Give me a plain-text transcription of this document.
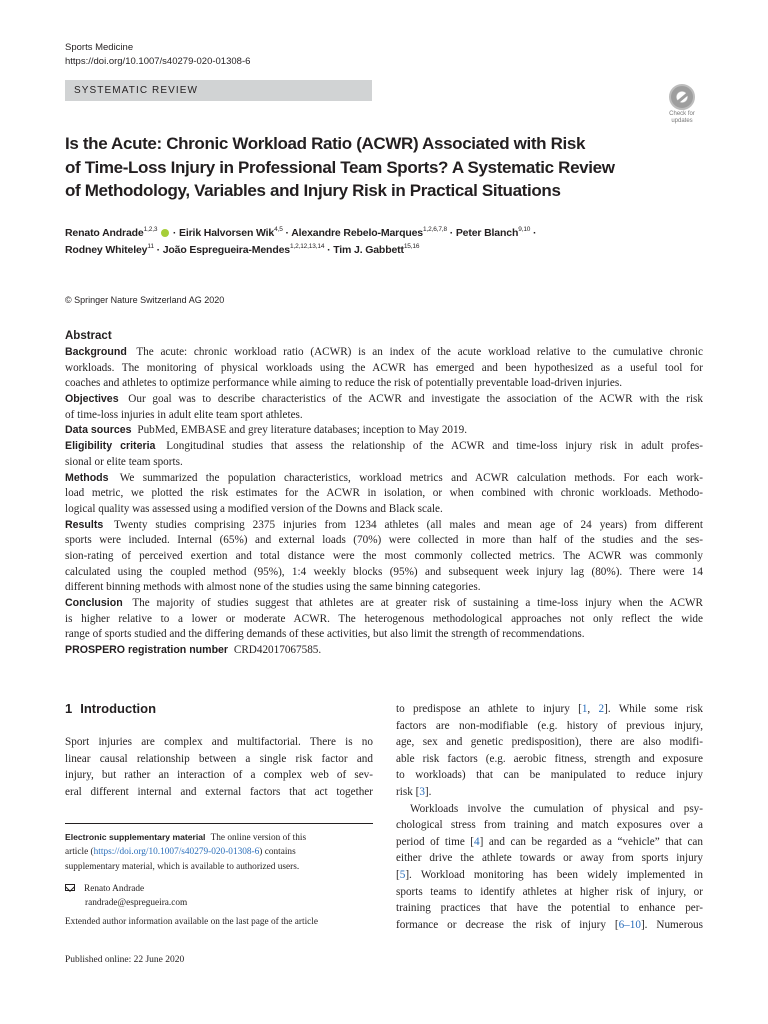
Sports Medicine
https://doi.org/10.1007/s40279-020-01308-6
SYSTEMATIC REVIEW
Check for
updates
Is the Acute: Chronic Workload Ratio (ACWR) Associated with Risk
of Time-Loss Injury in Professional Team Sports? A Systematic Review
of Methodology, Variables and Injury Risk in Practical Situations
Renato Andrade$^{1,2,3}$  · Eirik Halvorsen Wik$^{4,5}$ · Alexandre Rebelo-Marques$^{1,2,6,7,8}$ · Peter Blanch$^{9,10}$ ·
Rodney Whiteley$^{11}$ · João Espregueira-Mendes$^{1,2,12,13,14}$ · Tim J. Gabbett$^{15,16}$
© Springer Nature Switzerland AG 2020
Abstract
Background The acute: chronic workload ratio (ACWR) is an index of the acute workload relative to the cumulative chronic
workloads. The monitoring of physical workloads using the ACWR has emerged and been hypothesized as a useful tool for
coaches and athletes to optimize performance while aiming to reduce the risk of potentially preventable load-driven injuries.
Objectives Our goal was to describe characteristics of the ACWR and investigate the association of the ACWR with the risk
of time-loss injuries in adult elite team sport athletes.
Data sources PubMed, EMBASE and grey literature databases; inception to May 2019.
Eligibility criteria Longitudinal studies that assess the relationship of the ACWR and time-loss injury risk in adult profes-
sional or elite team sports.
Methods We summarized the population characteristics, workload metrics and ACWR calculation methods. For each work-
load metric, we plotted the risk estimates for the ACWR in isolation, or when combined with chronic workloads. Methodo-
logical quality was assessed using a modified version of the Downs and Black scale.
Results Twenty studies comprising 2375 injuries from 1234 athletes (all males and mean age of 24 years) from different
sports were included. Internal (65%) and external loads (70%) were collected in more than half of the studies and the ses-
sion-rating of perceived exertion and total distance were the most commonly collected metrics. The ACWR was commonly
calculated using the coupled method (95%), 1:4 weekly blocks (95%) and subsequent week injury lag (80%). There were 14
different binning methods with almost none of the studies using the same binning categories.
Conclusion The majority of studies suggest that athletes are at greater risk of sustaining a time-loss injury when the ACWR
is higher relative to a lower or moderate ACWR. The heterogenous methodological approaches not only reflect the wide
range of sports studied and the differing demands of these activities, but also limit the strength of recommendations.
PROSPERO registration number CRD42017067585.
1 Introduction
Sport injuries are complex and multifactorial. There is no
linear causal relationship between a single risk factor and
injury, but rather an interaction of a complex web of sev-
eral different internal and external factors that act together
to predispose an athlete to injury [1, 2]. While some risk
factors are non-modifiable (e.g. history of previous injury,
age, sex and genetic predisposition), there are also modifi-
able risk factors (e.g. aerobic fitness, strength and exposure
to workloads) that can be manipulated to reduce injury
risk [3].
Workloads involve the cumulation of physical and psy-
chological stress from training and match exposures over a
period of time [4] and can be regarded as a “vehicle” that can
either drive the athlete towards or away from sports injury
[5]. Workload monitoring has been widely implemented in
sports teams to identify athletes at higher risk of injury, or
training practices that have the potential to enhance per-
formance or decrease the risk of injury [6–10]. Numerous
Electronic supplementary material The online version of this
article (https://doi.org/10.1007/s40279-020-01308-6) contains
supplementary material, which is available to authorized users.
Renato Andrade
randrade@espregueira.com
Extended author information available on the last page of the article
Published online: 22 June 2020
